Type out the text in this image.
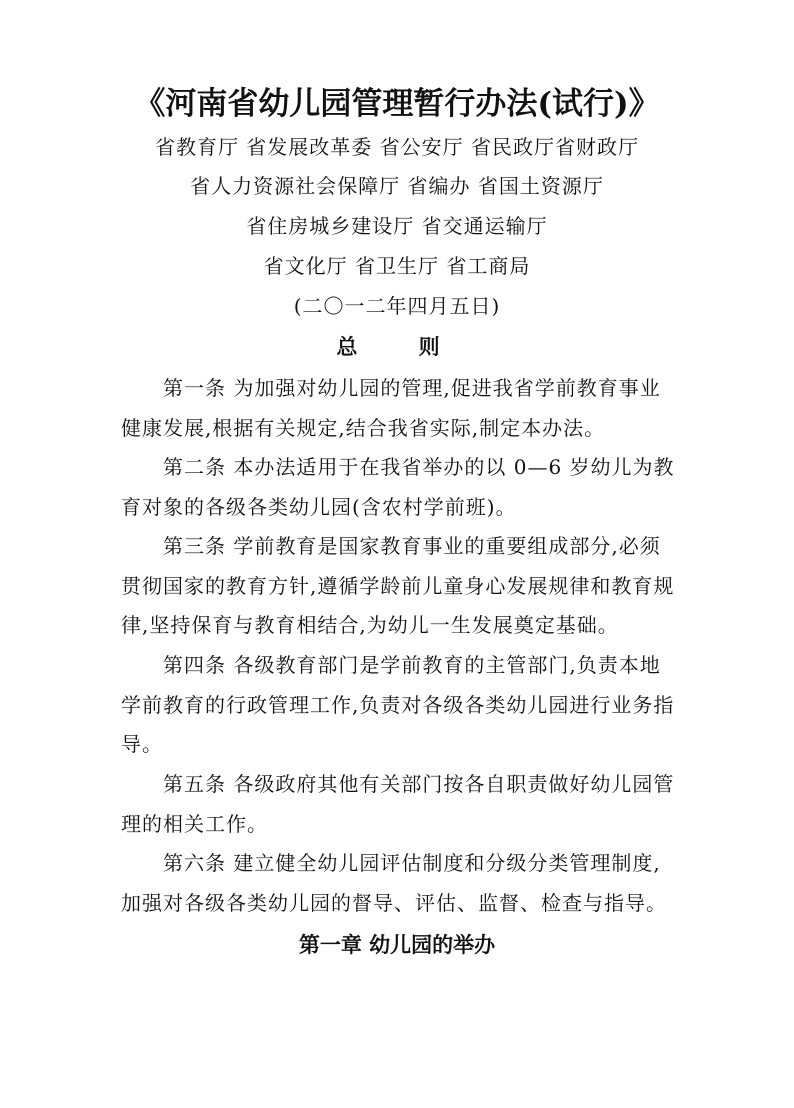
《河南省幼儿园管理暂行办法(试行)》
省教育厅 省发展改革委 省公安厅 省民政厅省财政厅
省人力资源社会保障厅 省编办 省国土资源厅
省住房城乡建设厅 省交通运输厅
省文化厅 省卫生厅 省工商局
(二〇一二年四月五日)
总 则

第一条 为加强对幼儿园的管理,促进我省学前教育事业健康发展,根据有关规定,结合我省实际,制定本办法。

第二条 本办法适用于在我省举办的以 0—6 岁幼儿为教育对象的各级各类幼儿园(含农村学前班)。

第三条 学前教育是国家教育事业的重要组成部分,必须贯彻国家的教育方针,遵循学龄前儿童身心发展规律和教育规律,坚持保育与教育相结合,为幼儿一生发展奠定基础。

第四条 各级教育部门是学前教育的主管部门,负责本地学前教育的行政管理工作,负责对各级各类幼儿园进行业务指导。

第五条 各级政府其他有关部门按各自职责做好幼儿园管理的相关工作。

第六条 建立健全幼儿园评估制度和分级分类管理制度,加强对各级各类幼儿园的督导、评估、监督、检查与指导。

第一章 幼儿园的举办
